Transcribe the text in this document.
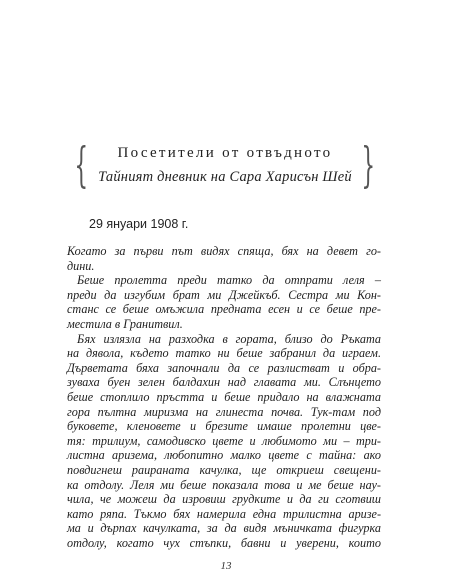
{	Посетители от отвъдното
Тайният дневник на Сара Харисън Шей }
29 януари 1908 г.
Когато за първи път видях спяща, бях на девет го-
дини.
Беше пролетта преди татко да отпрати леля –
преди да изгубим брат ми Джейкъб. Сестра ми Кон-
станс се беше омъжила предната есен и се беше пре-
местила в Гранитвил.
Бях излязла на разходка в гората, близо до Ръката
на дявола, където татко ни беше забранил да играем.
Дърветата бяха започнали да се разлистват и обра-
зуваха буен зелен балдахин над главата ми. Слънцето
беше стоплило пръстта и беше придало на влажната
гора пълтна миризма на глинеста почва. Тук-там под
буковете, кленовете и брезите имаше пролетни цве-
тя: трилиум, самодивско цвете и любимото ми – три-
листна аризема, любопитно малко цвете с тайна: ако
повдигнеш раираната качулка, ще откриеш свещени-
ка отдолу. Леля ми беше показала това и ме беше нау-
чила, че можеш да изровиш грудките и да ги сготвиш
като ряпа. Тъкмо бях намерила една трилистна аризе-
ма и дърпах качулката, за да видя мъничката фигурка
отдолу, когато чух стъпки, бавни и уверени, които
13
